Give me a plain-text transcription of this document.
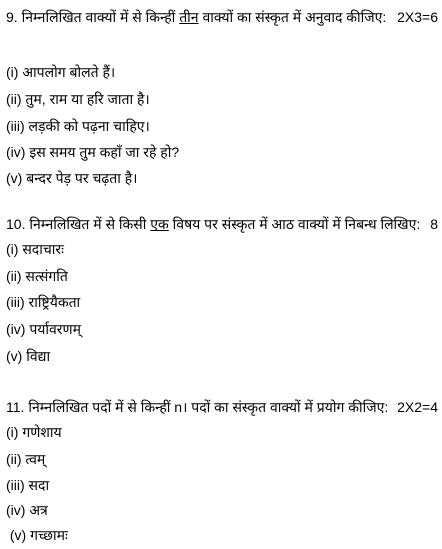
9. निम्नलिखित वाक्यों में से किन्हीं तीन वाक्यों का संस्कृत में अनुवाद कीजिए: 2X3=6
(i) आपलोग बोलते हैं।
(ii) तुम, राम या हरि जाता है।
(iii) लड़की को पढ़ना चाहिए।
(iv) इस समय तुम कहाँ जा रहे हो?
(v) बन्दर पेड़ पर चढ़ता है।
10. निम्नलिखित में से किसी एक विषय पर संस्कृत में आठ वाक्यों में निबन्ध लिखिए: 8
(i) सदाचारः
(ii) सत्संगति
(iii) राष्ट्रियैकता
(iv) पर्यावरणम्
(v) विद्या
11. निम्नलिखित पदों में से किन्हीं n। पदों का संस्कृत वाक्यों में प्रयोग कीजिए: 2X2=4
(i) गणेशाय
(ii) त्वम्
(iii) सदा
(iv) अत्र
(v) गच्छामः
